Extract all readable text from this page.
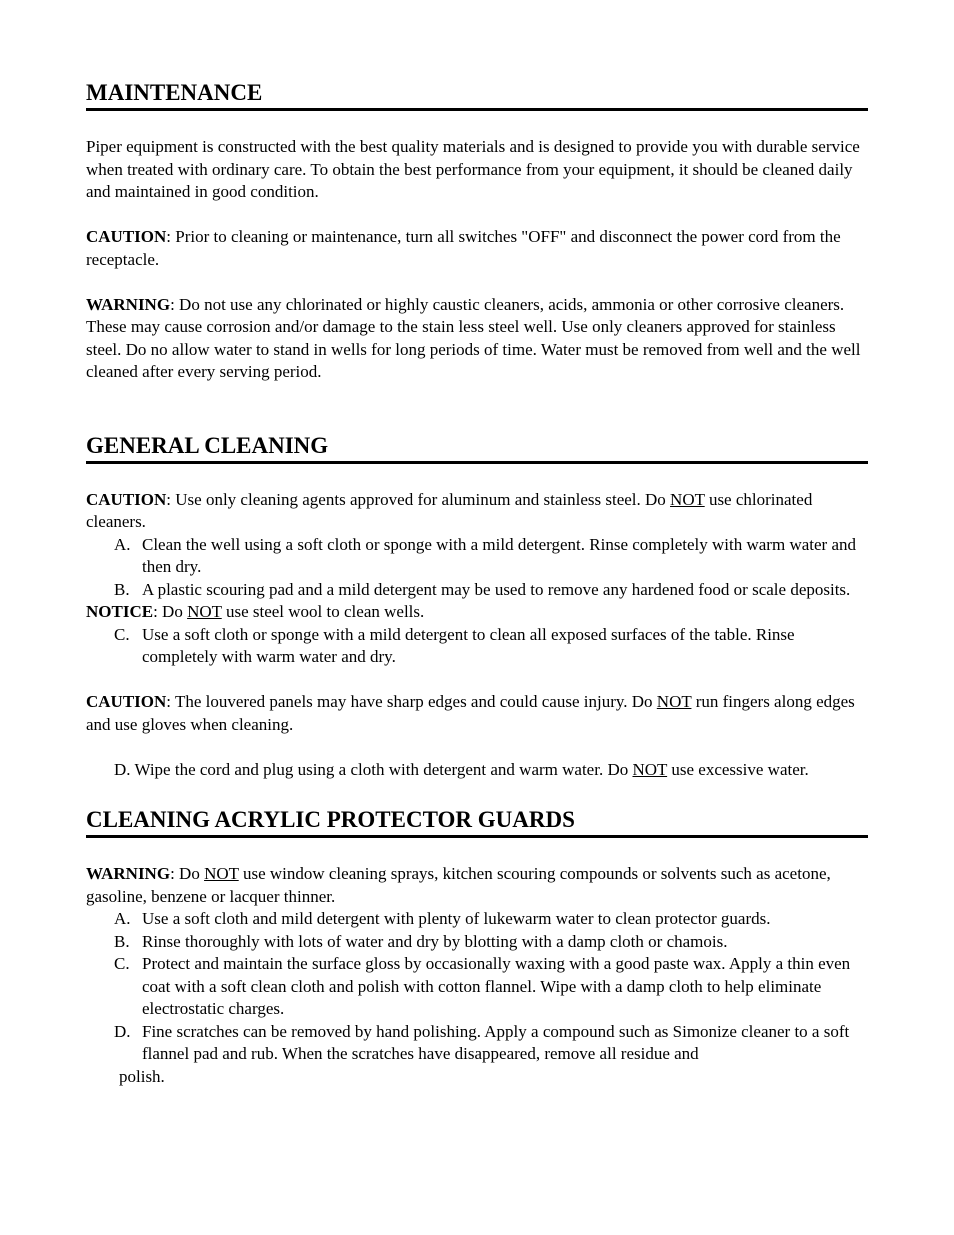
MAINTENANCE

Piper equipment is constructed with the best quality materials and is designed to provide you with durable service when treated with ordinary care. To obtain the best performance from your equipment, it should be cleaned daily and maintained in good condition.

CAUTION: Prior to cleaning or maintenance, turn all switches "OFF" and disconnect the power cord from the receptacle.

WARNING: Do not use any chlorinated or highly caustic cleaners, acids, ammonia or other corrosive cleaners. These may cause corrosion and/or damage to the stain less steel well. Use only cleaners approved for stainless steel. Do no allow water to stand in wells for long periods of time. Water must be removed from well and the well cleaned after every serving period.

GENERAL CLEANING

CAUTION: Use only cleaning agents approved for aluminum and stainless steel. Do NOT use chlorinated cleaners.

A. Clean the well using a soft cloth or sponge with a mild detergent. Rinse completely with warm water and then dry.
B. A plastic scouring pad and a mild detergent may be used to remove any hardened food or scale deposits.

NOTICE: Do NOT use steel wool to clean wells.

C. Use a soft cloth or sponge with a mild detergent to clean all exposed surfaces of the table. Rinse completely with warm water and dry.

CAUTION: The louvered panels may have sharp edges and could cause injury. Do NOT run fingers along edges and use gloves when cleaning.

D. Wipe the cord and plug using a cloth with detergent and warm water. Do NOT use excessive water.

CLEANING ACRYLIC PROTECTOR GUARDS

WARNING: Do NOT use window cleaning sprays, kitchen scouring compounds or solvents such as acetone, gasoline, benzene or lacquer thinner.

A. Use a soft cloth and mild detergent with plenty of lukewarm water to clean protector guards.
B. Rinse thoroughly with lots of water and dry by blotting with a damp cloth or chamois.
C. Protect and maintain the surface gloss by occasionally waxing with a good paste wax. Apply a thin even coat with a soft clean cloth and polish with cotton flannel. Wipe with a damp cloth to help eliminate electrostatic charges.
D. Fine scratches can be removed by hand polishing. Apply a compound such as Simonize cleaner to a soft flannel pad and rub. When the scratches have disappeared, remove all residue and

polish.
